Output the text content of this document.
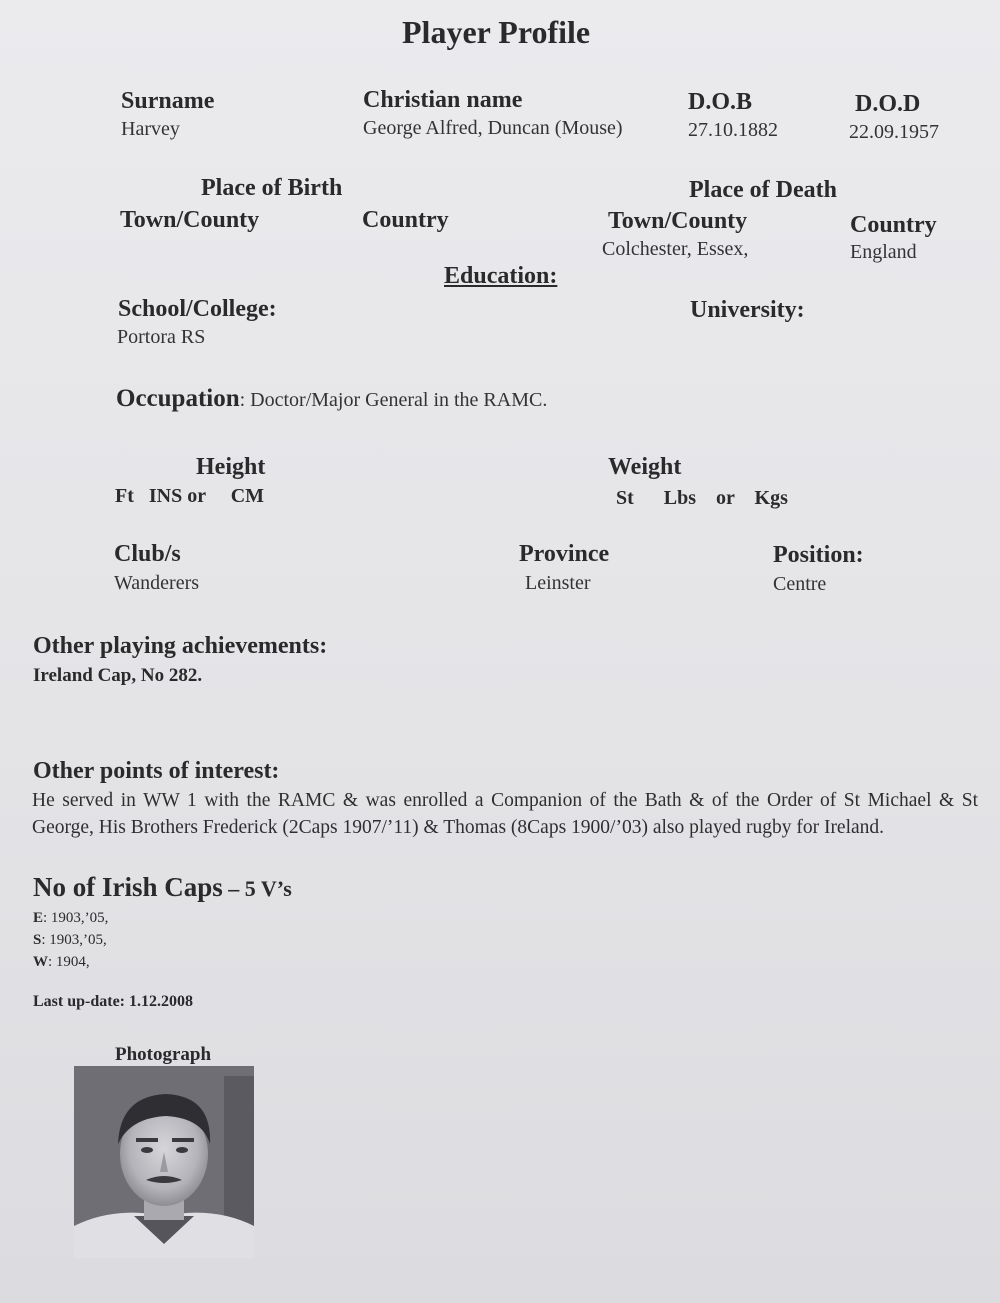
Player Profile
Surname
Harvey
Christian name
George Alfred, Duncan (Mouse)
D.O.B
27.10.1882
D.O.D
22.09.1957
Place of Birth
Town/County	Country
Place of Death
Town/County	Country
Colchester, Essex,	England
Education:
School/College:
Portora RS
University:
Occupation: Doctor/Major General in the RAMC.
Height
Ft   INS or     CM
Weight
St      Lbs    or    Kgs
Club/s
Wanderers
Province
Leinster
Position:
Centre
Other playing achievements:
Ireland Cap, No 282.
Other points of interest:
He served in WW 1 with the RAMC & was enrolled a Companion of the Bath & of the Order of St Michael & St George, His Brothers Frederick (2Caps 1907/’11) & Thomas (8Caps 1900/’03) also played rugby for Ireland.
No of Irish Caps – 5 V’s
E: 1903,’05,
S: 1903,’05,
W: 1904,
Last up-date: 1.12.2008
Photograph
